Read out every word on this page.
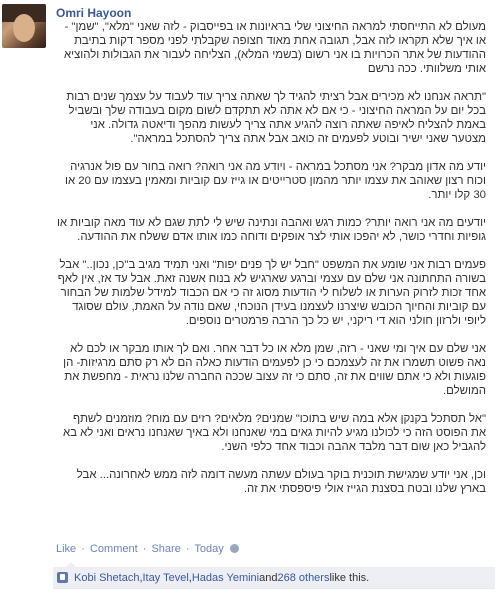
Omri Hayoon

מעולם לא התייחסתי למראה החיצוני שלי בראיונות או בפייסבוק - לזה שאני "מלא", "שמן" - או איך שלא תקראו לזה אבל, תגובה אחת מאוד חצופה שקבלתי לפני מספר דקות בתיבת ההודעות של אתר הכרויות בו אני רשום (בשמי המלא), הצליחה לעבור את הגבולות ולהוציא אותי משלוותי. ככה נרשם

"תראה אנחנו לא מכירים אבל רציתי להגיד לך שאתה צריך עוד לעבוד על עצמך שנים רבות בכל יום על המראה החיצוני - כי אם לא אתה לא תתקדם לשום מקום בעבודה שלך ובשביל באמת להצליח לאיפה שאתה רוצה להגיע אתה צריך לעשות מהפך ודיאטה גדולה. אני מצטער שאני ישיר ובוטע לפעמים זה כואב אבל אתה צריך להסתכל במראה".

יודע מה אדון מבקר? אני מסתכל במראה - ויודע מה אני רואה? רואה בחור עם פול אנרגיה וכוח רצון שאוהב את עצמו יותר מהמון סטרייטים או גייז עם קוביות ומאמין בעצמו עם 20 או 30 קלו יותר.

יודעים מה אני רואה יותר? כמות רגש ואהבה ונתינה שיש לי לתת שגם לא עוד מאה קוביות או גופיות וחדרי כושר, לא יהפכו אותי לצר אופקים ודוחה כמו אותו אדם ששלח את ההודעה.

פעמים רבות אני שומע את המשפט "חבל יש לך פנים יפות" ואני תמיד מגיב ב"כן, נכון.." אבל בשורה התחתונה אני שלם עם עצמי וברגע שארגיש לא בנוח אשנה זאת. אבל עד אז, אין לאף אחד זכות לזרוק הערות או לשלוח לי הודעות מסוג זה כי אם הכבוד למידל שלמות של הבחור עם קוביות והחיוך הכובש שיצרנו לעצמנו בעידן הנוכחי, שאם נודה על האמת, עולם שסוגד ליופי ולרזון חולני הוא די ריקני, יש כל כך הרבה פרמטרים נוספים.

אני שלם עם איך ומי שאני - רזה, שמן מלא או כל דבר אחר. ואם לך אותו מבקר או לכם לא נאה פשוט תשמרו את זה לעצמכם כי כן לפעמים הודעות כאלה הם לא רק סתם מרגיזות- הן פוגעות ולא כי אתם שווים את זה, סתם כי זה עצוב שככה החברה שלנו נראית - מחפשת את המושלם.

"אל תסתכל בקנקן אלא במה שיש בתוכו" שמנים? מלאים? רזים עם מוח? מוזמנים לשתף את הפוסט הזה כי לכולנו מגיע להיות גאים במי שאנחנו ולא באיך שאנחנו נראים ואני לא בא להגביל כאן שום דבר מלבד אהבה וכבוד אחד כלפי השני.

וכן, אני יודע שמגישת תוכנית בוקר בעולם עשתה מעשה דומה לזה ממש לאחרונה... אבל בארץ שלנו ובטח בסצנת הגייז אולי פיספסתי את זה.

Like · Comment · Share · Today
Kobi Shetach , Itay Tevel , Hadas Yemini and 268 others like this.
